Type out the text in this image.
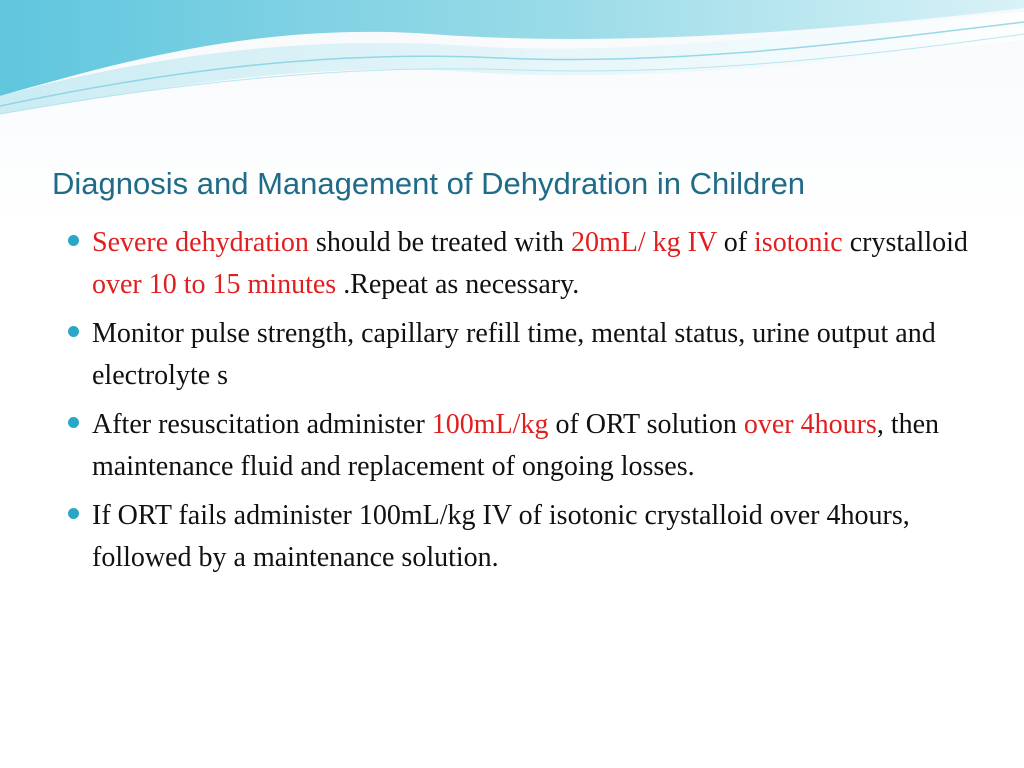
Diagnosis and Management of Dehydration in Children
Severe dehydration should be treated with 20mL/ kg IV of isotonic crystalloid over 10 to 15 minutes .Repeat as necessary.
Monitor pulse strength, capillary refill time, mental status, urine output and electrolyte s
After resuscitation administer 100mL/kg of ORT solution over 4hours, then maintenance fluid and replacement of ongoing losses.
If ORT fails administer 100mL/kg IV of isotonic crystalloid over 4hours, followed by a maintenance solution.
